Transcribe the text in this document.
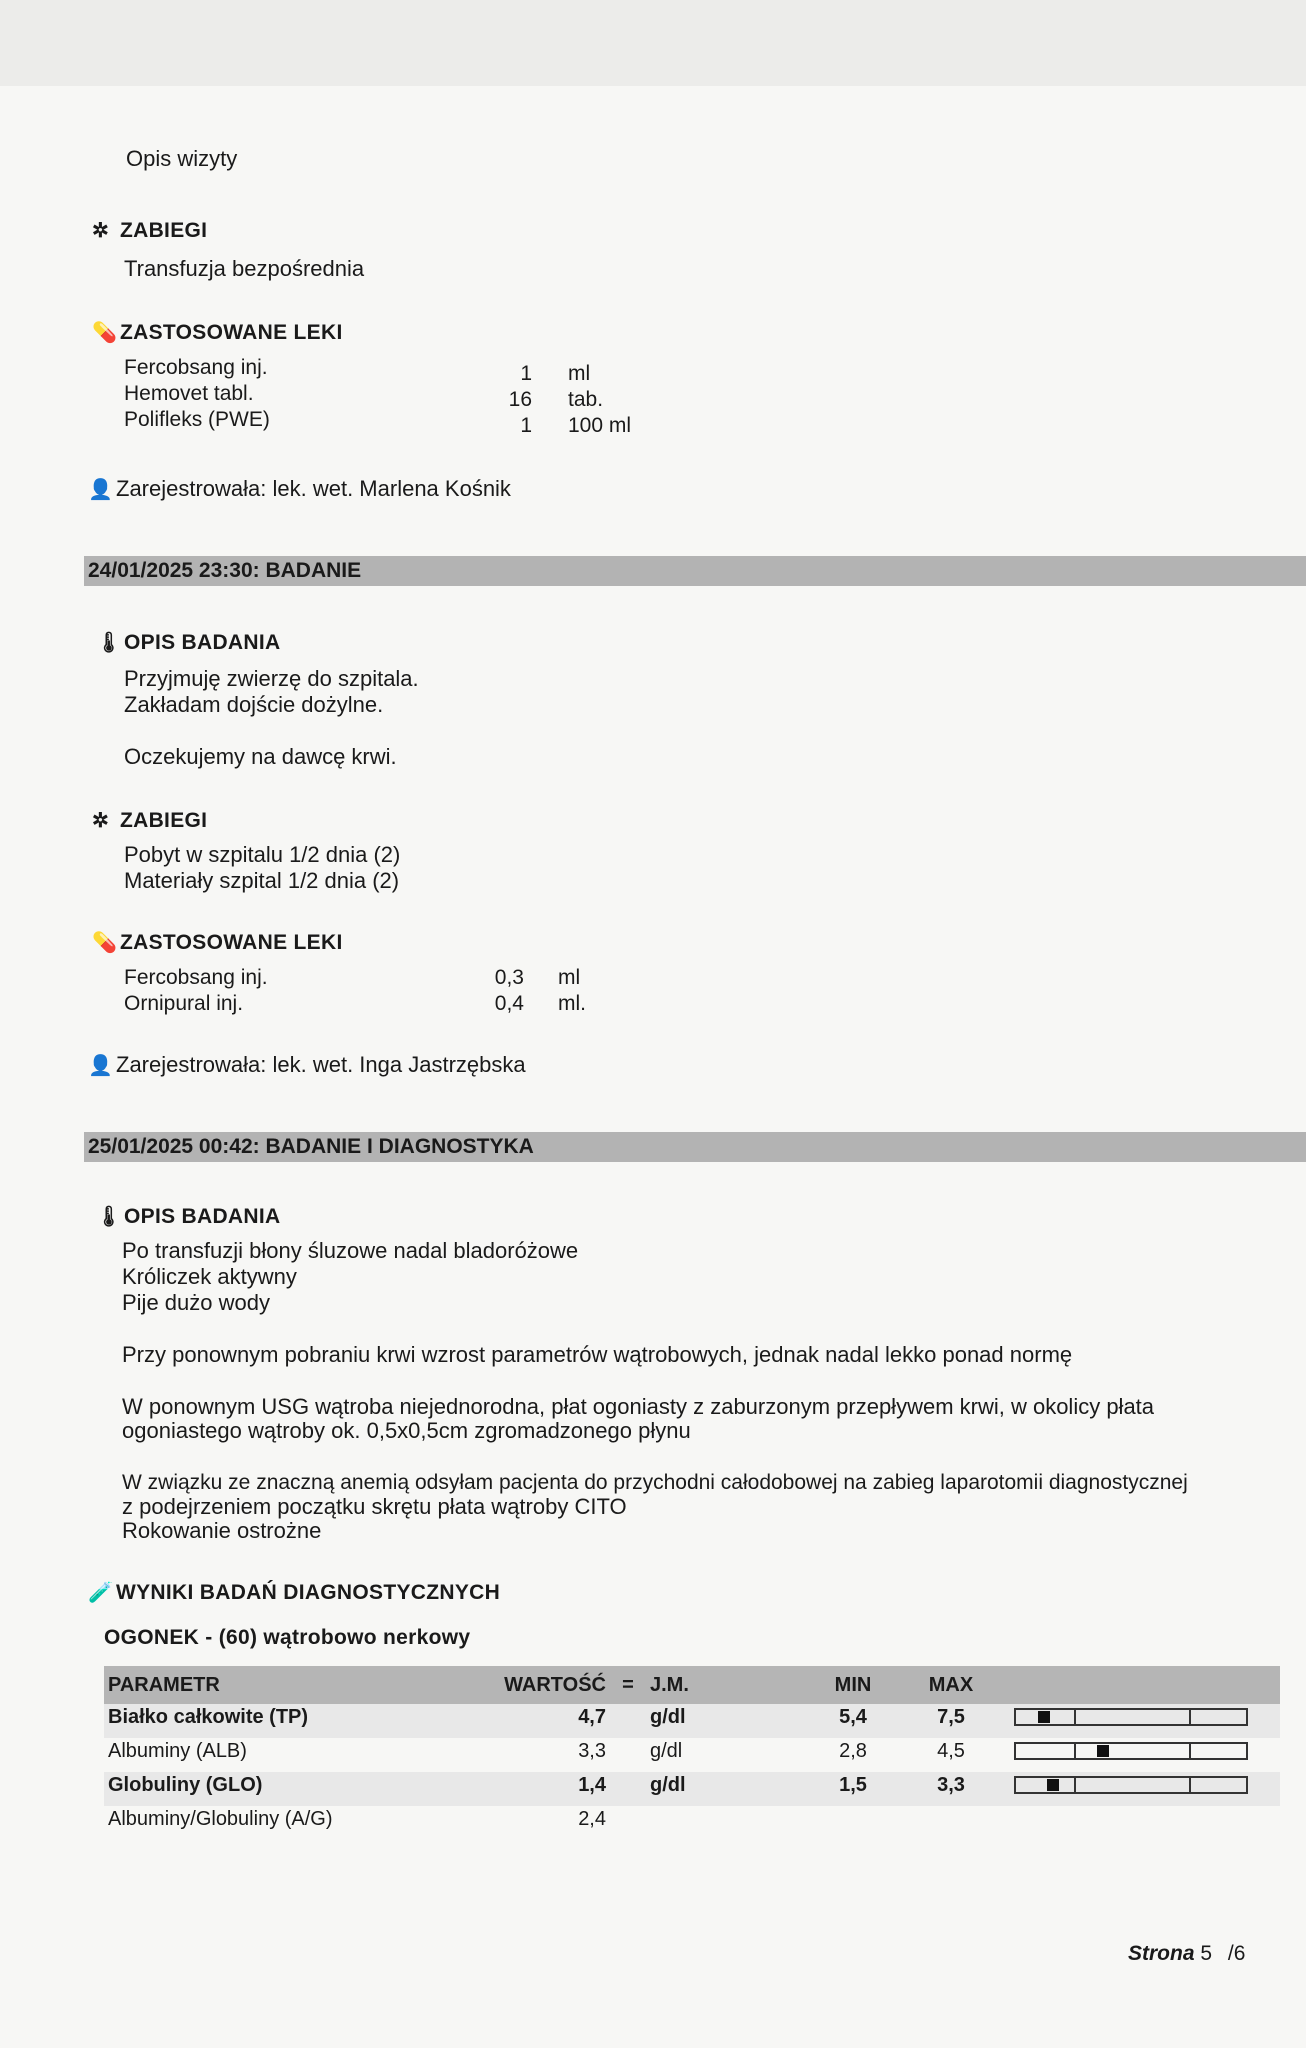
Opis wizyty
✲ ZABIEGI
Transfuzja bezpośrednia
💊 ZASTOSOWANE LEKI
Fercobsang inj.	1 ml
Hemovet tabl.	16 tab.
Polifleks (PWE)	1 100 ml
👤 Zarejestrowała: lek. wet. Marlena Kośnik
24/01/2025 23:30: BADANIE
🌡 OPIS BADANIA
Przyjmuję zwierzę do szpitala.
Zakładam dojście dożylne.
Oczekujemy na dawcę krwi.
✲ ZABIEGI
Pobyt w szpitalu 1/2 dnia (2)
Materiały szpital 1/2 dnia (2)
💊 ZASTOSOWANE LEKI
Fercobsang inj.	0,3 ml
Ornipural inj.	0,4 ml.
👤 Zarejestrowała: lek. wet. Inga Jastrzębska
25/01/2025 00:42: BADANIE I DIAGNOSTYKA
🌡 OPIS BADANIA
Po transfuzji błony śluzowe nadal bladoróżowe
Króliczek aktywny
Pije dużo wody
Przy ponownym pobraniu krwi wzrost parametrów wątrobowych, jednak nadal lekko ponad normę
W ponownym USG wątroba niejednorodna, płat ogoniasty z zaburzonym przepływem krwi, w okolicy płata
ogoniastego wątroby ok. 0,5x0,5cm zgromadzonego płynu
W związku ze znaczną anemią odsyłam pacjenta do przychodni całodobowej na zabieg laparotomii diagnostycznej
z podejrzeniem początku skrętu płata wątroby CITO
Rokowanie ostrożne
🧪 WYNIKI BADAŃ DIAGNOSTYCZNYCH
OGONEK - (60) wątrobowo nerkowy
PARAMETR	WARTOŚĆ	=	J.M.	MIN	MAX	
Białko całkowite (TP)	4,7		g/dl	5,4	7,5	

Albuminy (ALB)	3,3		g/dl	2,8	4,5	

Globuliny (GLO)	1,4		g/dl	1,5	3,3	

Albuminy/Globuliny (A/G)	2,4					
Strona 5 /6
